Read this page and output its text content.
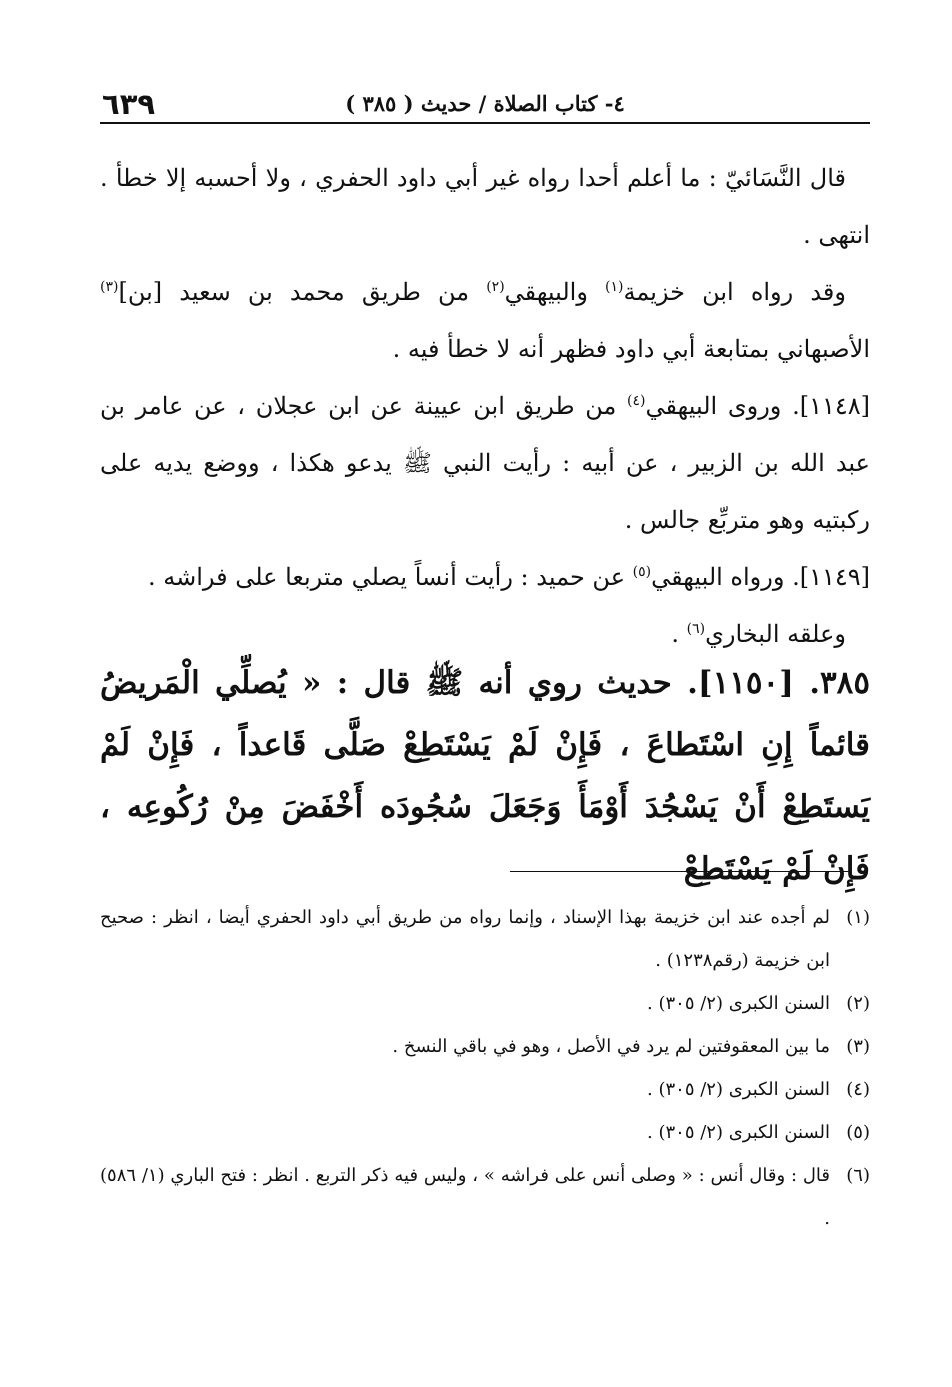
٦٣٩	٤- كتاب الصلاة / حديث ( ٣٨٥ )

قال النَّسَائيّ : ما أعلم أحدا رواه غير أبي داود الحفري ، ولا أحسبه إلا خطأ . انتهى .

وقد رواه ابن خزيمة$^{(١)}$ والبيهقي$^{(٢)}$ من طريق محمد بن سعيد [بن]$^{(٣)}$ الأصبهاني بمتابعة أبي داود فظهر أنه لا خطأ فيه .

[١١٤٨]. وروى البيهقي$^{(٤)}$ من طريق ابن عيينة عن ابن عجلان ، عن عامر بن عبد الله بن الزبير ، عن أبيه : رأيت النبي ﷺ يدعو هكذا ، ووضع يديه على ركبتيه وهو متربِّع جالس .

[١١٤٩]. ورواه البيهقي$^{(٥)}$ عن حميد : رأيت أنساً يصلي متربعا على فراشه .

وعلقه البخاري$^{(٦)}$ .

٣٨٥. [١١٥٠]. حديث روي أنه ﷺ قال : « يُصلِّي الْمَريضُ قائماً إِنِ اسْتَطاعَ ، فَإِنْ لَمْ يَسْتَطِعْ صَلَّى قَاعداً ، فَإِنْ لَمْ يَستَطِعْ أَنْ يَسْجُدَ أَوْمَأَ وَجَعَلَ سُجُودَه أَخْفَضَ مِنْ رُكُوعِه ، فَإِنْ لَمْ يَسْتَطِعْ

(١)
لم أجده عند ابن خزيمة بهذا الإسناد ، وإنما رواه من طريق أبي داود الحفري أيضا ، انظر : صحيح ابن خزيمة (رقم١٢٣٨) .
(٢)
السنن الكبرى (٢/ ٣٠٥) .
(٣)
ما بين المعقوفتين لم يرد في الأصل ، وهو في باقي النسخ .
(٤)
السنن الكبرى (٢/ ٣٠٥) .
(٥)
السنن الكبرى (٢/ ٣٠٥) .
(٦)
قال : وقال أنس : « وصلى أنس على فراشه » ، وليس فيه ذكر التربع . انظر : فتح الباري (١/ ٥٨٦) .
